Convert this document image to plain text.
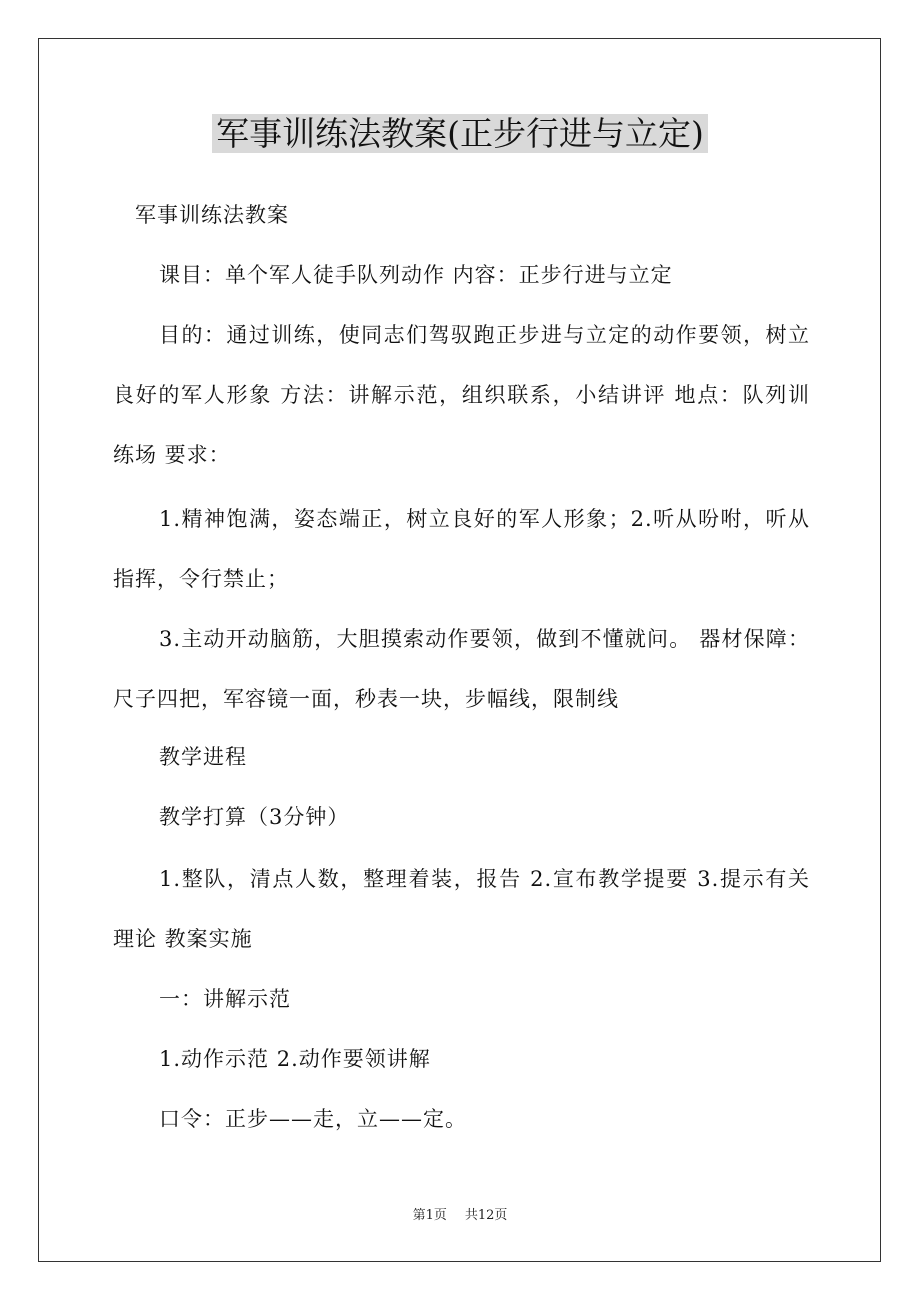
军事训练法教案(正步行进与立定)

军事训练法教案

课目：单个军人徒手队列动作 内容：正步行进与立定

目的：通过训练，使同志们驾驭跑正步进与立定的动作要领，树立良好的军人形象 方法：讲解示范，组织联系，小结讲评 地点：队列训练场 要求：

1.精神饱满，姿态端正，树立良好的军人形象；2.听从吩咐，听从指挥，令行禁止；

3.主动开动脑筋，大胆摸索动作要领，做到不懂就问。 器材保障：尺子四把，军容镜一面，秒表一块，步幅线，限制线

教学进程

教学打算（3分钟）

1.整队，清点人数，整理着装，报告 2.宣布教学提要 3.提示有关理论 教案实施

一：讲解示范

1.动作示范 2.动作要领讲解

口令：正步——走，立——定。

第1页 共12页
